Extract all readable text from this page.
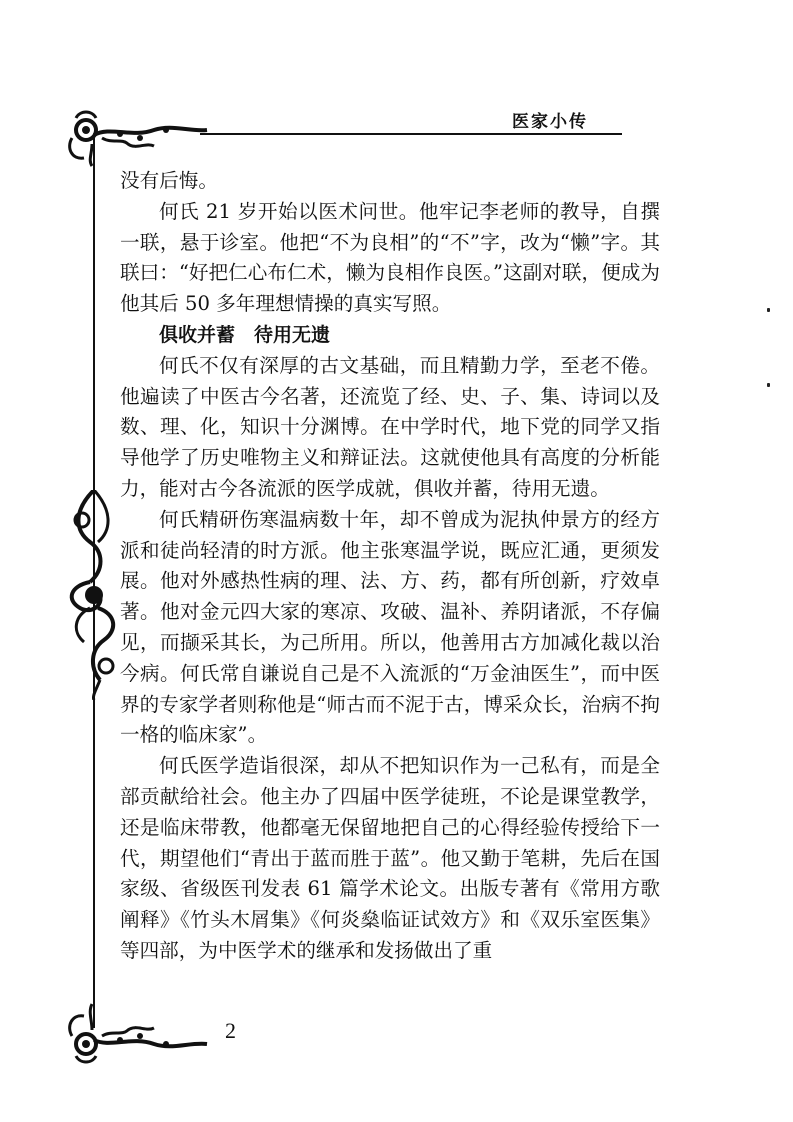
医家小传

没有后悔。

何氏 21 岁开始以医术问世。他牢记李老师的教导，自撰一联，悬于诊室。他把“不为良相”的“不”字，改为“懒”字。其联曰：“好把仁心布仁术，懒为良相作良医。”这副对联，便成为他其后 50 多年理想情操的真实写照。

俱收并蓄　待用无遗

何氏不仅有深厚的古文基础，而且精勤力学，至老不倦。他遍读了中医古今名著，还流览了经、史、子、集、诗词以及数、理、化，知识十分渊博。在中学时代，地下党的同学又指导他学了历史唯物主义和辩证法。这就使他具有高度的分析能力，能对古今各流派的医学成就，俱收并蓄，待用无遗。

何氏精研伤寒温病数十年，却不曾成为泥执仲景方的经方派和徒尚轻清的时方派。他主张寒温学说，既应汇通，更须发展。他对外感热性病的理、法、方、药，都有所创新，疗效卓著。他对金元四大家的寒凉、攻破、温补、养阴诸派，不存偏见，而撷采其长，为己所用。所以，他善用古方加减化裁以治今病。何氏常自谦说自己是不入流派的“万金油医生”，而中医界的专家学者则称他是“师古而不泥于古，博采众长，治病不拘一格的临床家”。

何氏医学造诣很深，却从不把知识作为一己私有，而是全部贡献给社会。他主办了四届中医学徒班，不论是课堂教学，还是临床带教，他都毫无保留地把自己的心得经验传授给下一代，期望他们“青出于蓝而胜于蓝”。他又勤于笔耕，先后在国家级、省级医刊发表 61 篇学术论文。出版专著有《常用方歌阐释》《竹头木屑集》《何炎燊临证试效方》和《双乐室医集》等四部，为中医学术的继承和发扬做出了重

2
